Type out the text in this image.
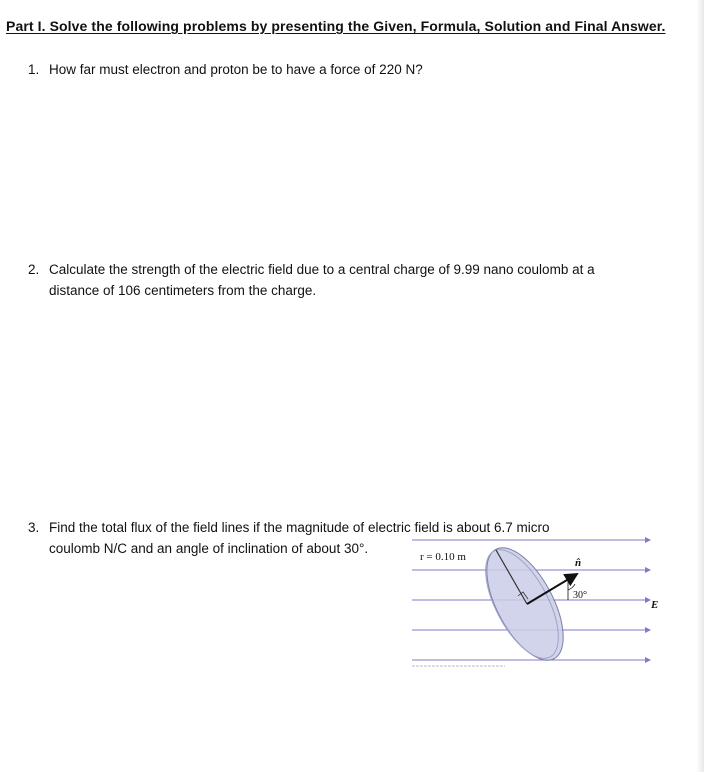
Part I. Solve the following problems by presenting the Given, Formula, Solution and Final Answer.
1. How far must electron and proton be to have a force of 220 N?
2. Calculate the strength of the electric field due to a central charge of 9.99 nano coulomb at a
distance of 106 centimeters from the charge.
3. Find the total flux of the field lines if the magnitude of electric field is about 6.7 micro
coulomb N/C and an angle of inclination of about 30°.
r = 0.10 m	n̂
30°
E⃗
